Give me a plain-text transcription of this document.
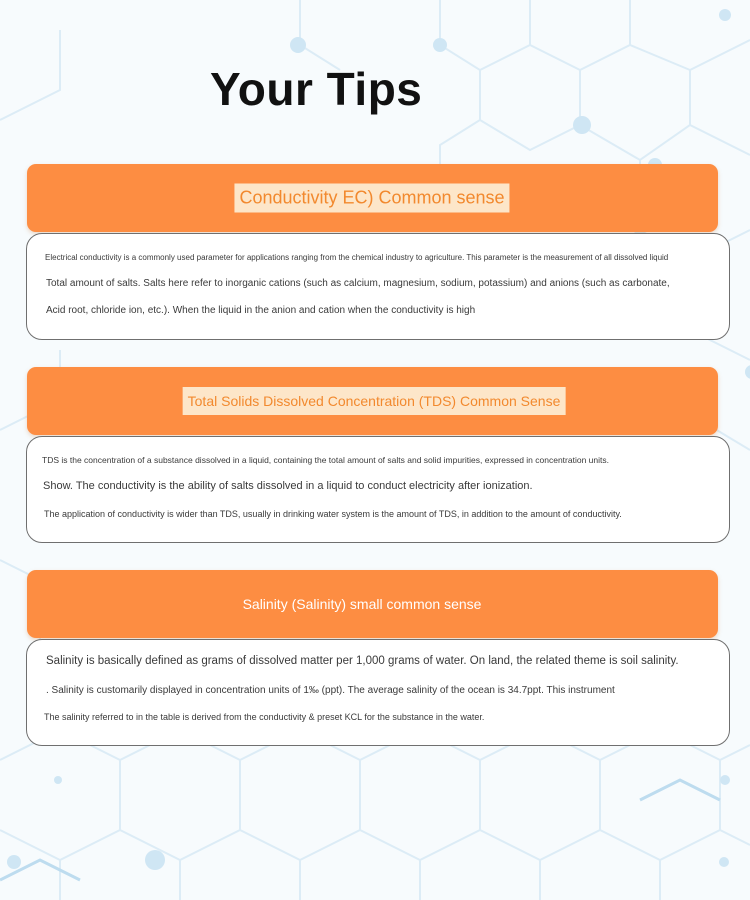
Your Tips
Conductivity EC) Common sense
Electrical conductivity is a commonly used parameter for applications ranging from the chemical industry to agriculture. This parameter is the measurement of all dissolved liquid
Total amount of salts. Salts here refer to inorganic cations (such as calcium, magnesium, sodium, potassium) and anions (such as carbonate,
Acid root, chloride ion, etc.). When the liquid in the anion and cation when the conductivity is high
Total Solids Dissolved Concentration (TDS) Common Sense
TDS is the concentration of a substance dissolved in a liquid, containing the total amount of salts and solid impurities, expressed in concentration units.
Show. The conductivity is the ability of salts dissolved in a liquid to conduct electricity after ionization.
The application of conductivity is wider than TDS, usually in drinking water system is the amount of TDS, in addition to the amount of conductivity.
Salinity (Salinity) small common sense
Salinity is basically defined as grams of dissolved matter per 1,000 grams of water. On land, the related theme is soil salinity.
. Salinity is customarily displayed in concentration units of 1‰ (ppt). The average salinity of the ocean is 34.7ppt. This instrument
The salinity referred to in the table is derived from the conductivity & preset KCL for the substance in the water.
